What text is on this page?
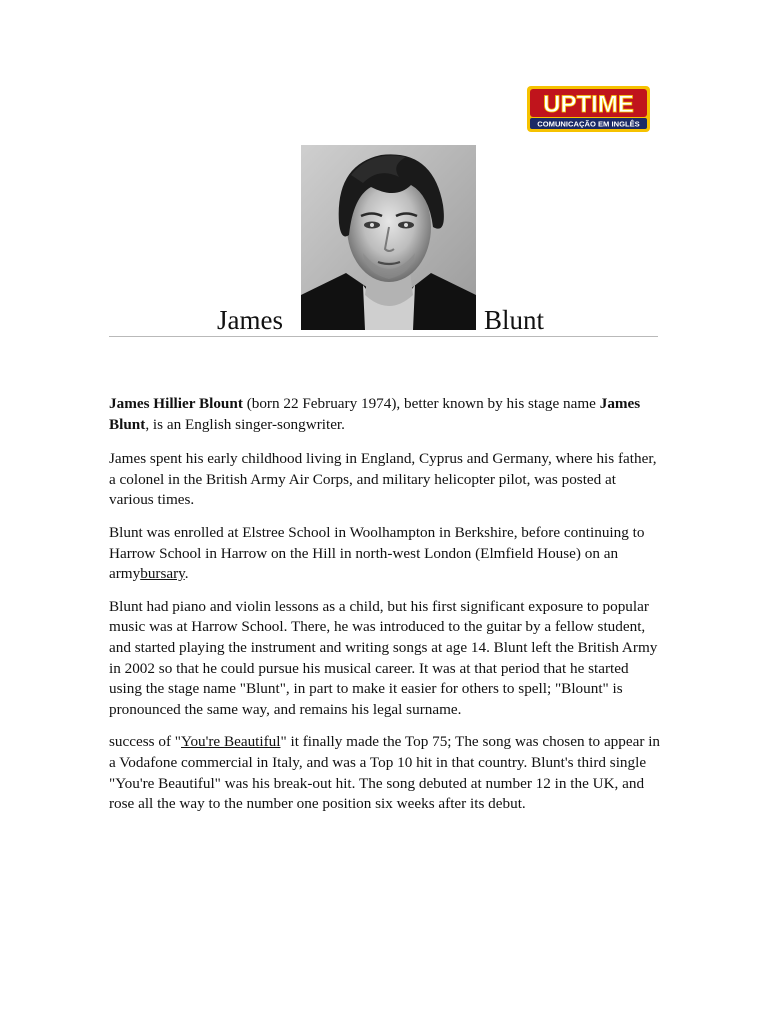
UPTIME
COMUNICAÇÃO EM INGLÊS
James	Blunt

James Hillier Blount (born 22 February 1974), better known by his stage name James Blunt, is an English singer-songwriter.

James spent his early childhood living in England, Cyprus and Germany, where his father, a colonel in the British Army Air Corps, and military helicopter pilot, was posted at various times.

Blunt was enrolled at Elstree School in Woolhampton in Berkshire, before continuing to Harrow School in Harrow on the Hill in north-west London (Elmfield House) on an armybursary.

Blunt had piano and violin lessons as a child, but his first significant exposure to popular music was at Harrow School. There, he was introduced to the guitar by a fellow student, and started playing the instrument and writing songs at age 14. Blunt left the British Army in 2002 so that he could pursue his musical career. It was at that period that he started using the stage name "Blunt", in part to make it easier for others to spell; "Blount" is pronounced the same way, and remains his legal surname.

success of "You're Beautiful" it finally made the Top 75; The song was chosen to appear in a Vodafone commercial in Italy, and was a Top 10 hit in that country. Blunt's third single "You're Beautiful" was his break-out hit. The song debuted at number 12 in the UK, and rose all the way to the number one position six weeks after its debut.
